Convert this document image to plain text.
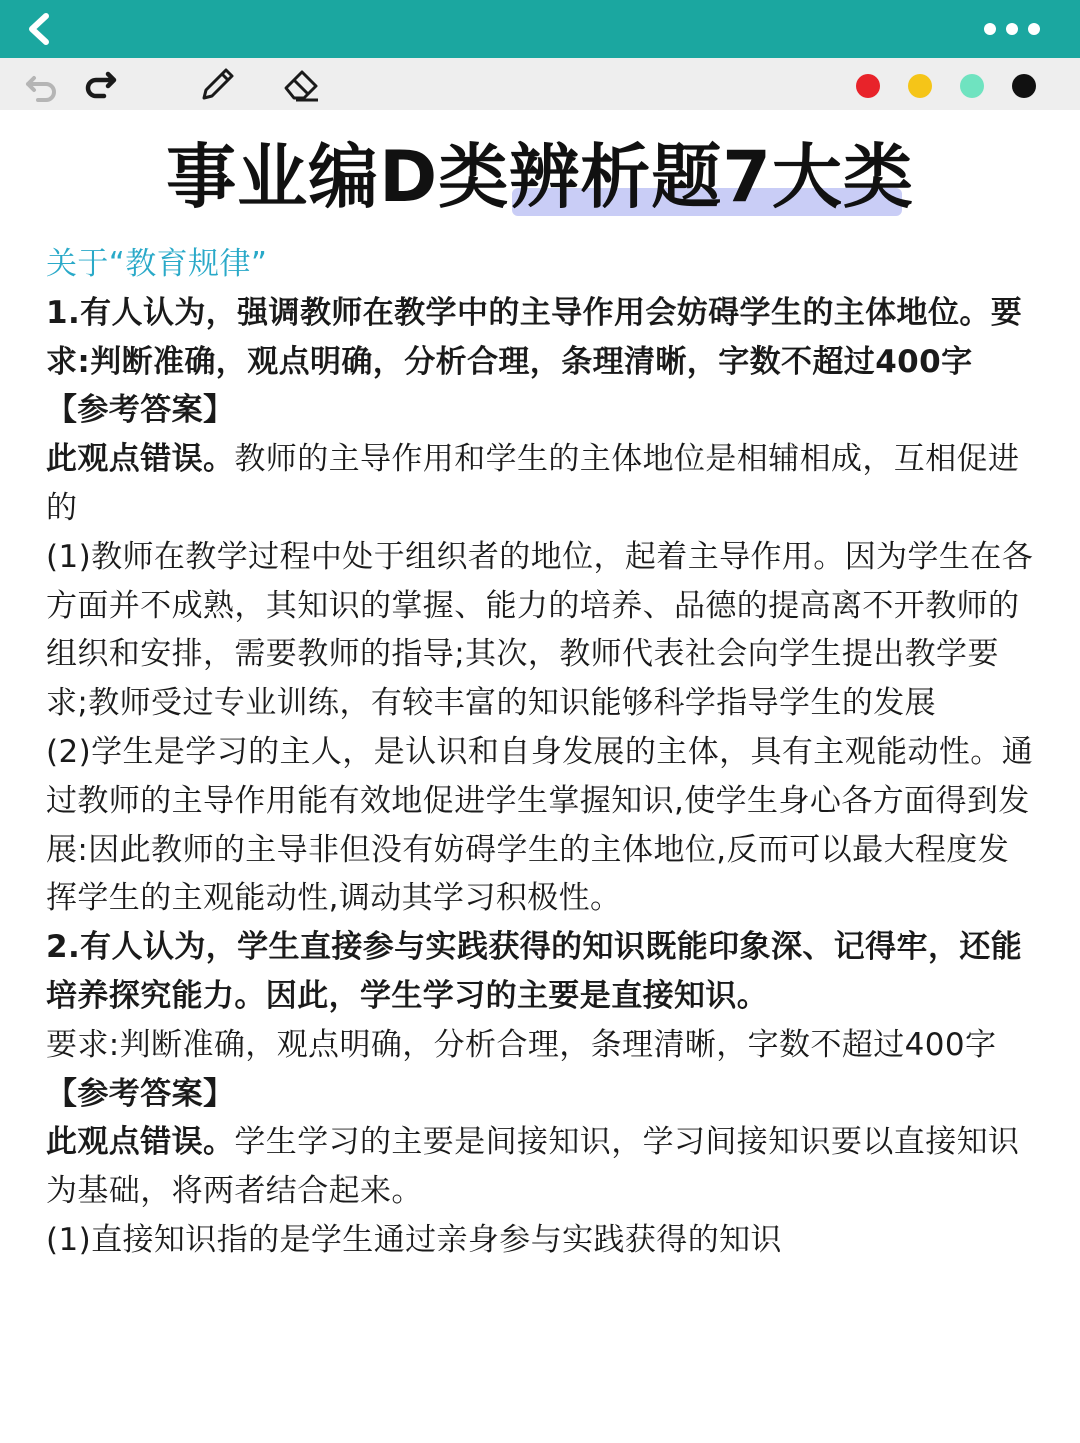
事业编D类辨析题7大类

关于“教育规律”

1.有人认为，强调教师在教学中的主导作用会妨碍学生的主体地位。要求:判断准确，观点明确，分析合理，条理清晰，字数不超过400字

【参考答案】

此观点错误。教师的主导作用和学生的主体地位是相辅相成，互相促进的

(1)教师在教学过程中处于组织者的地位，起着主导作用。因为学生在各方面并不成熟，其知识的掌握、能力的培养、品德的提高离不开教师的组织和安排，需要教师的指导;其次，教师代表社会向学生提出教学要求;教师受过专业训练，有较丰富的知识能够科学指导学生的发展

(2)学生是学习的主人，是认识和自身发展的主体，具有主观能动性。通过教师的主导作用能有效地促进学生掌握知识,使学生身心各方面得到发展:因此教师的主导非但没有妨碍学生的主体地位,反而可以最大程度发挥学生的主观能动性,调动其学习积极性。

2.有人认为，学生直接参与实践获得的知识既能印象深、记得牢，还能培养探究能力。因此，学生学习的主要是直接知识。

要求:判断准确，观点明确，分析合理，条理清晰，字数不超过400字

【参考答案】

此观点错误。学生学习的主要是间接知识，学习间接知识要以直接知识为基础，将两者结合起来。

(1)直接知识指的是学生通过亲身参与实践获得的知识
